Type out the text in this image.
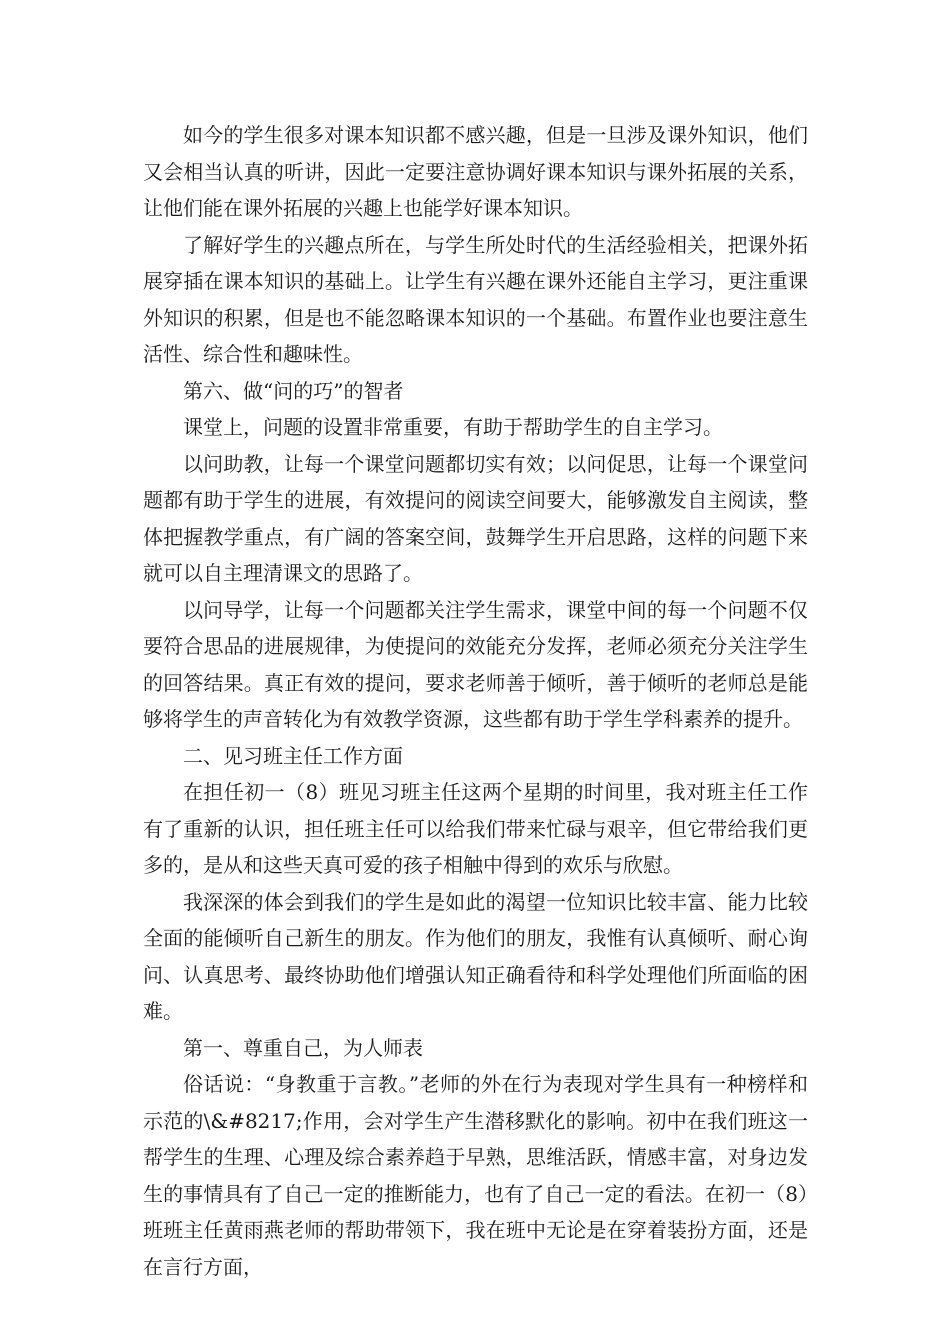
如今的学生很多对课本知识都不感兴趣，但是一旦涉及课外知识，他们又会相当认真的听讲，因此一定要注意协调好课本知识与课外拓展的关系，让他们能在课外拓展的兴趣上也能学好课本知识。

了解好学生的兴趣点所在，与学生所处时代的生活经验相关，把课外拓展穿插在课本知识的基础上。让学生有兴趣在课外还能自主学习，更注重课外知识的积累，但是也不能忽略课本知识的一个基础。布置作业也要注意生活性、综合性和趣味性。

第六、做“问的巧”的智者

课堂上，问题的设置非常重要，有助于帮助学生的自主学习。

以问助教，让每一个课堂问题都切实有效；以问促思，让每一个课堂问题都有助于学生的进展，有效提问的阅读空间要大，能够激发自主阅读，整体把握教学重点，有广阔的答案空间，鼓舞学生开启思路，这样的问题下来就可以自主理清课文的思路了。

以问导学，让每一个问题都关注学生需求，课堂中间的每一个问题不仅要符合思品的进展规律，为使提问的效能充分发挥，老师必须充分关注学生的回答结果。真正有效的提问，要求老师善于倾听，善于倾听的老师总是能够将学生的声音转化为有效教学资源，这些都有助于学生学科素养的提升。

二、见习班主任工作方面

在担任初一（8）班见习班主任这两个星期的时间里，我对班主任工作有了重新的认识，担任班主任可以给我们带来忙碌与艰辛，但它带给我们更多的，是从和这些天真可爱的孩子相触中得到的欢乐与欣慰。

我深深的体会到我们的学生是如此的渴望一位知识比较丰富、能力比较全面的能倾听自己新生的朋友。作为他们的朋友，我惟有认真倾听、耐心询问、认真思考、最终协助他们增强认知正确看待和科学处理他们所面临的困难。

第一、尊重自己，为人师表

俗话说：“身教重于言教。”老师的外在行为表现对学生具有一种榜样和示范的\&#8217;作用，会对学生产生潜移默化的影响。初中在我们班这一帮学生的生理、心理及综合素养趋于早熟，思维活跃，情感丰富，对身边发生的事情具有了自己一定的推断能力，也有了自己一定的看法。在初一（8）班班主任黄雨燕老师的帮助带领下，我在班中无论是在穿着装扮方面，还是在言行方面，
